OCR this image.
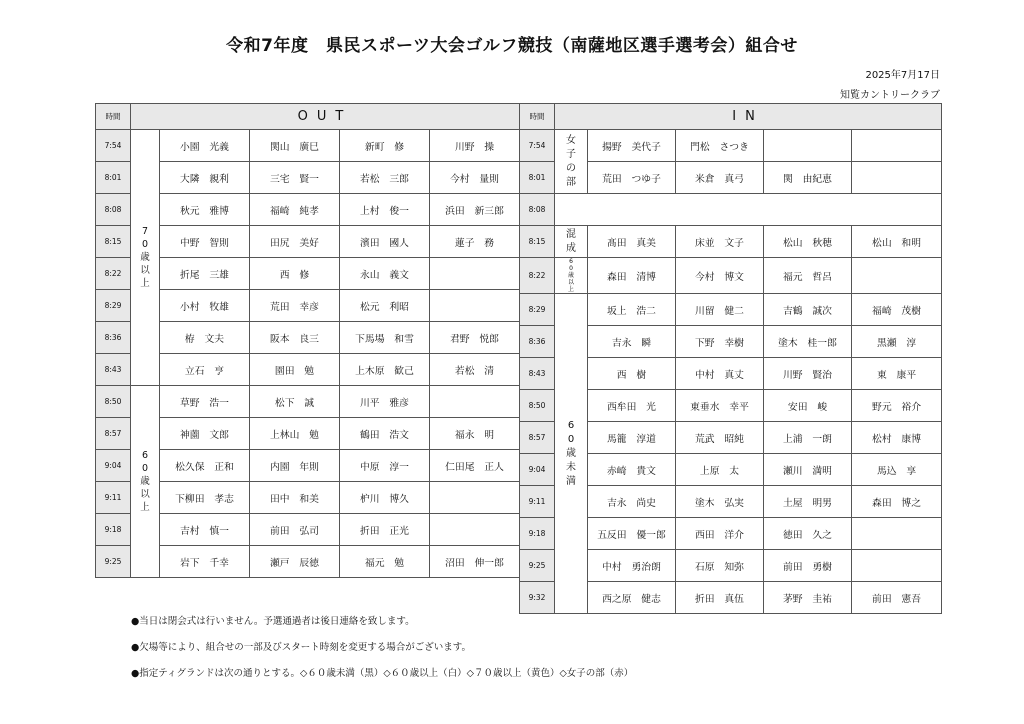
令和7年度　県民スポーツ大会ゴルフ競技（南薩地区選手選考会）組合せ
2025年7月17日
知覧カントリークラブ
時間	OUT				
7:54	70歳以上	小園　光義	関山　廣巳	新町　修	川野　操
8:01		大隣　親利	三宅　賢一	若松　三郎	今村　量則
8:08		秋元　雅博	福崎　純孝	上村　俊一	浜田　新三郎
8:15		中野　智則	田尻　美好	濱田　國人	蓮子　務
8:22		折尾　三雄	西　修	永山　義文	
8:29		小村　牧雄	荒田　幸彦	松元　利昭	
8:36		栫　文夫	阪本　良三	下馬場　和雪	君野　悦郎
8:43		立石　亨	園田　勉	上木原　歓己	若松　清
8:50	60歳以上	草野　浩一	松下　誠	川平　雅彦	
8:57		神薗　文郎	上林山　勉	鶴田　浩文	福永　明
9:04		松久保　正和	内園　年則	中原　淳一	仁田尾　正人
9:11		下柳田　孝志	田中　和美	枦川　博久	
9:18		吉村　慎一	前田　弘司	折田　正光	
9:25		岩下　千幸	瀬戸　辰徳	福元　勉	沼田　伸一郎
時間	IN				
7:54	女子の部	揚野　美代子	門松　さつき		
8:01		荒田　つゆ子	米倉　真弓	関　由紀恵	
8:08					
8:15	混成	髙田　真美	床並　文子	松山　秋穂	松山　和明
8:22	60歳以上	森田　清博	今村　博文	福元　哲呂	
8:29	60歳未満	坂上　浩二	川留　健二	吉鶴　誠次	福崎　茂樹
8:36		吉永　瞬	下野　幸樹	塗木　桂一郎	黒瀬　淳
8:43		西　樹	中村　真丈	川野　賢治	東　康平
8:50		西牟田　光	東垂水　幸平	安田　峻	野元　裕介
8:57		馬籠　淳道	荒武　昭純	上浦　一朗	松村　康博
9:04		赤崎　貴文	上原　太	瀬川　満明	馬込　享
9:11		吉永　尚史	塗木　弘実	土屋　明男	森田　博之
9:18		五反田　優一郎	西田　洋介	徳田　久之	
9:25		中村　勇治朗	石原　知弥	前田　勇樹	
9:32		西之原　健志	折田　真伍	茅野　圭祐	前田　憲吾
●当日は閉会式は行いません。予選通過者は後日連絡を致します。
●欠場等により、組合せの一部及びスタート時刻を変更する場合がございます。
●指定ティグランドは次の通りとする。◇６０歳未満（黒）◇６０歳以上（白）◇７０歳以上（黄色）◇女子の部（赤）
